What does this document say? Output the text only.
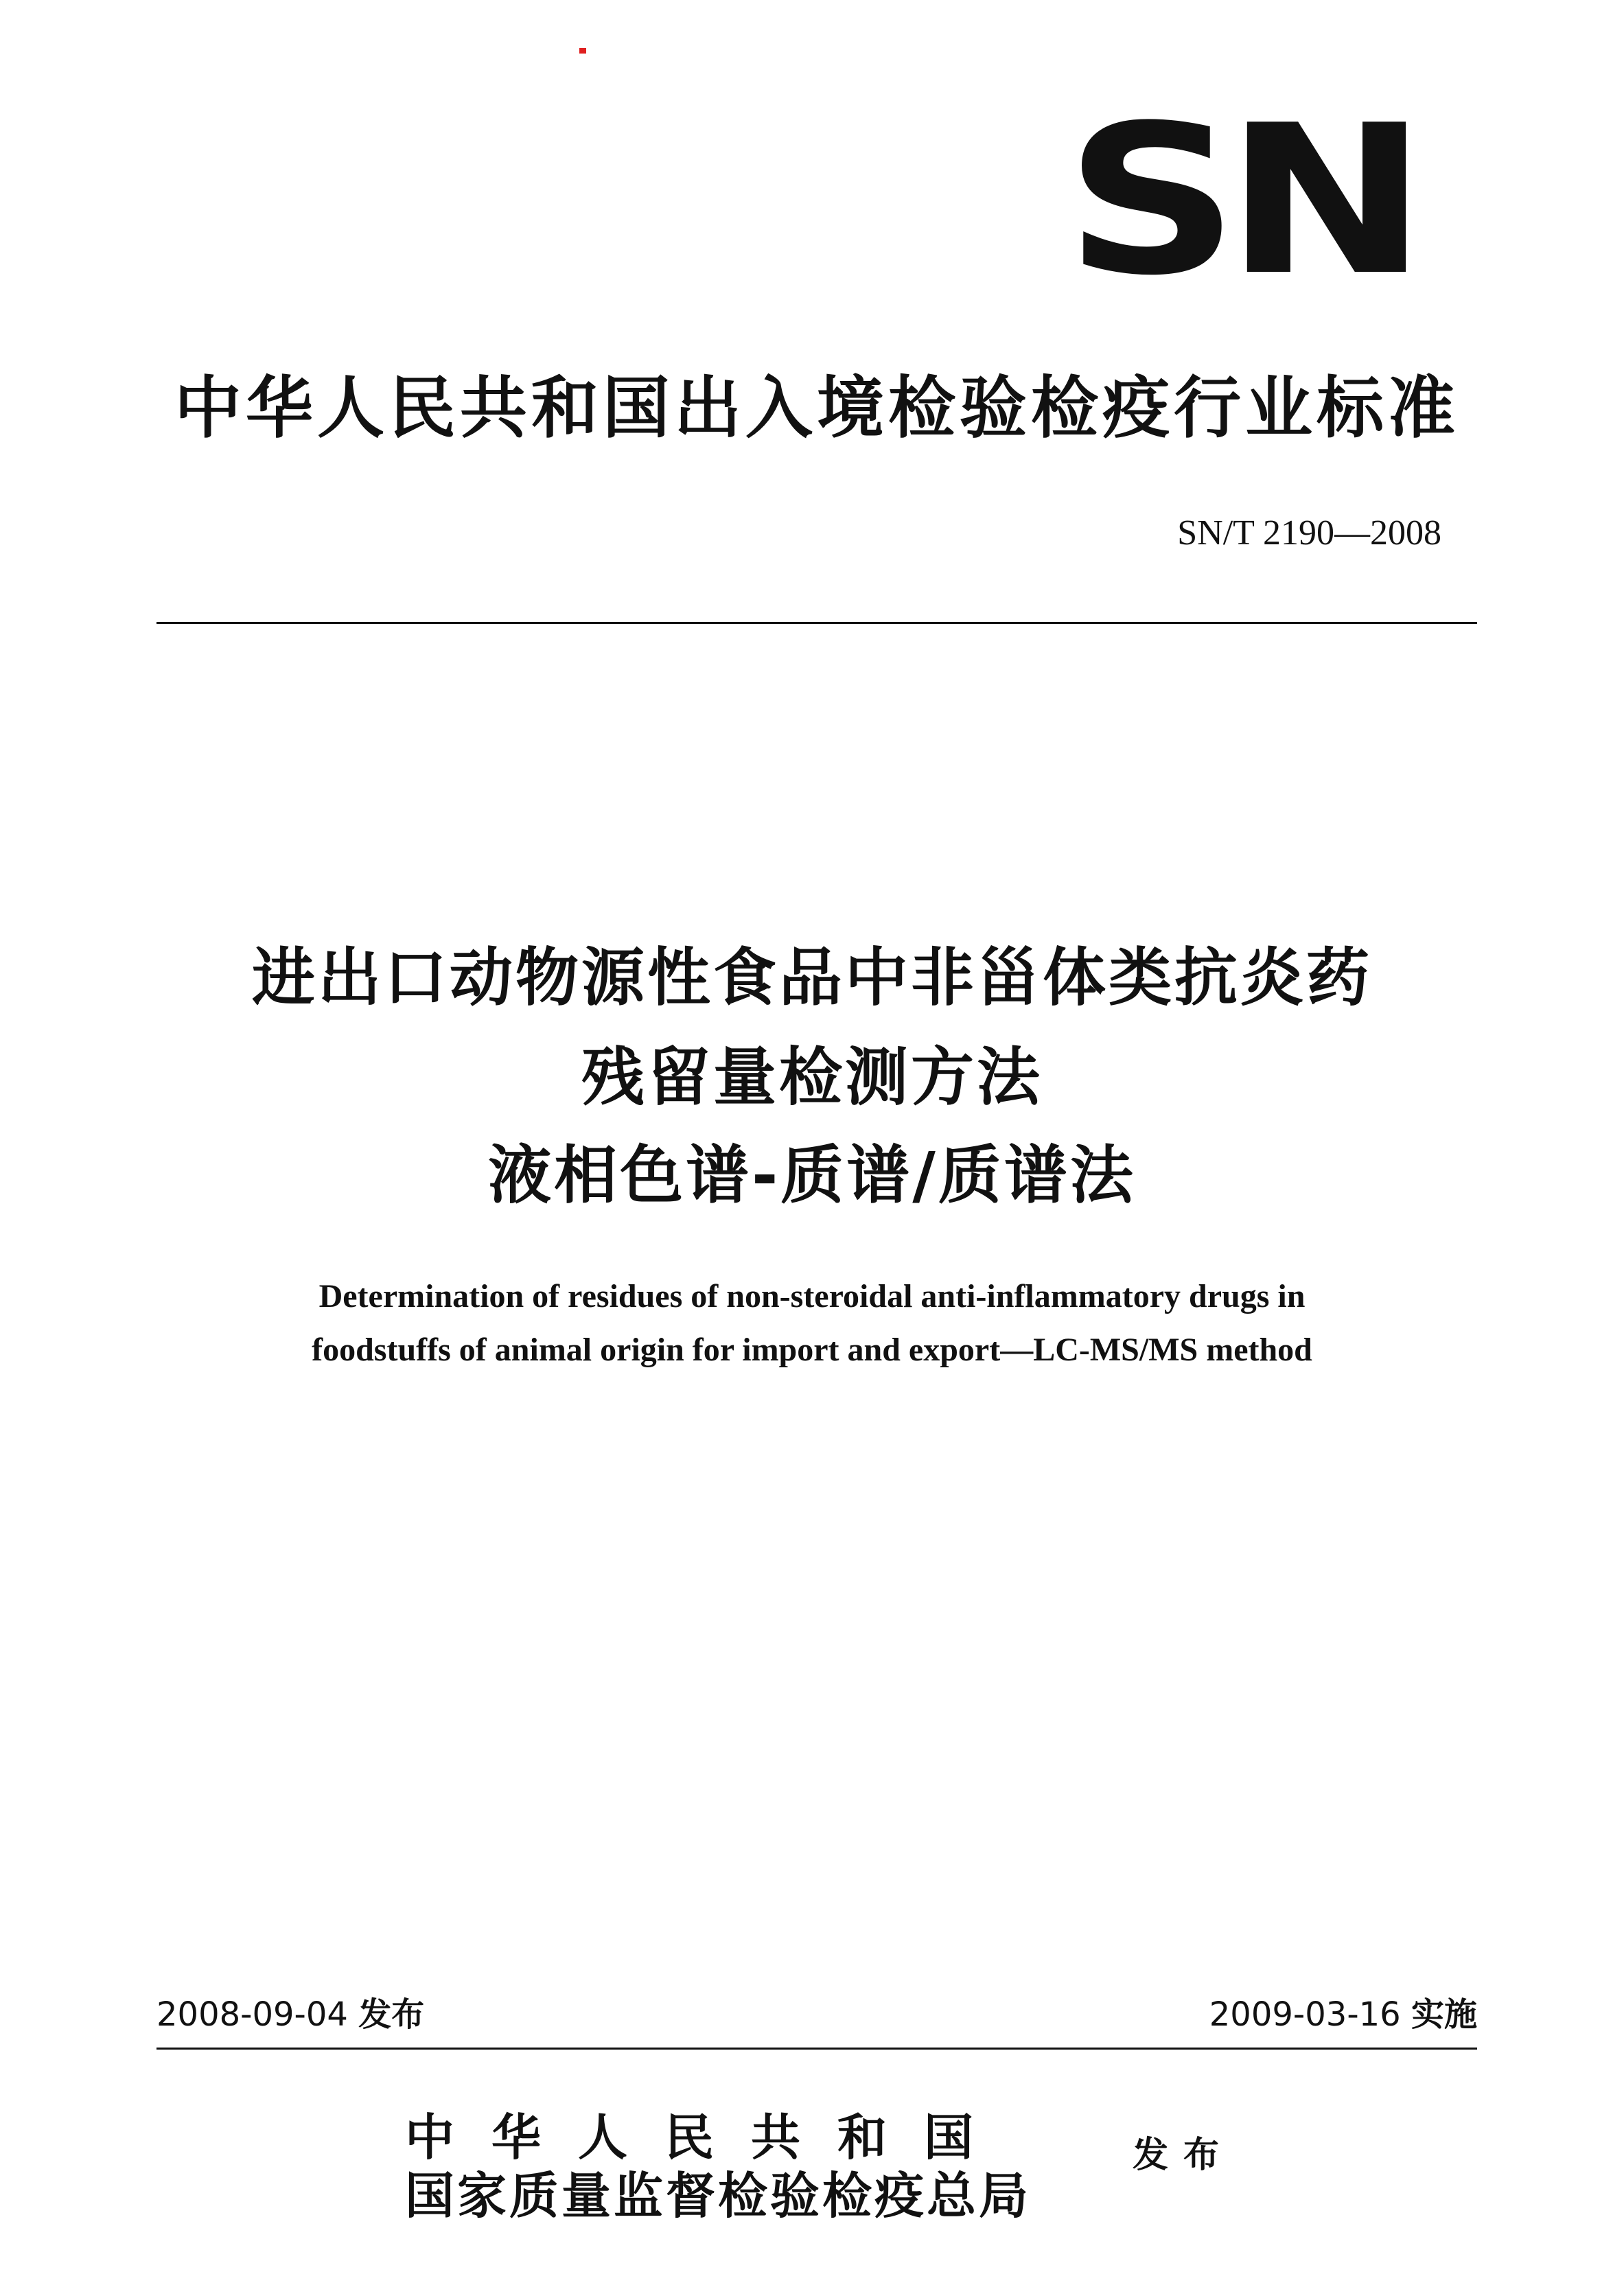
SN
中华人民共和国出入境检验检疫行业标准
SN/T 2190—2008
进出口动物源性食品中非甾体类抗炎药
残留量检测方法
液相色谱-质谱/质谱法
Determination of residues of non-steroidal anti-inflammatory drugs in
foodstuffs of animal origin for import and export—LC-MS/MS method
2008-09-04 发布	2009-03-16 实施
中华人民共和国
国家质量监督检验检疫总局
发布
